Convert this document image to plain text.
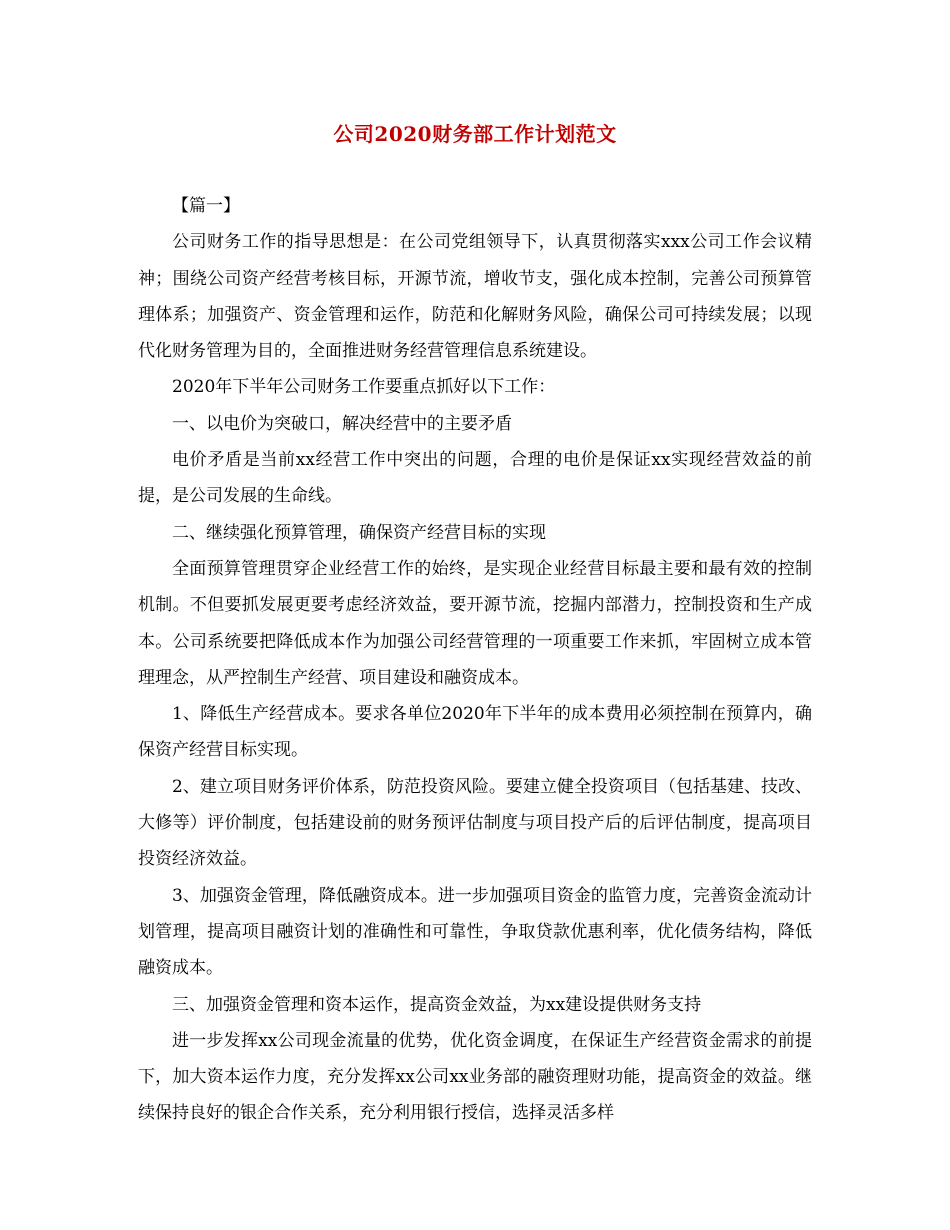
公司2020财务部工作计划范文

【篇一】

公司财务工作的指导思想是：在公司党组领导下，认真贯彻落实xxx公司工作会议精神；围绕公司资产经营考核目标，开源节流，增收节支，强化成本控制，完善公司预算管理体系；加强资产、资金管理和运作，防范和化解财务风险，确保公司可持续发展；以现代化财务管理为目的，全面推进财务经营管理信息系统建设。

2020年下半年公司财务工作要重点抓好以下工作：

一、以电价为突破口，解决经营中的主要矛盾

电价矛盾是当前xx经营工作中突出的问题，合理的电价是保证xx实现经营效益的前提，是公司发展的生命线。

二、继续强化预算管理，确保资产经营目标的实现

全面预算管理贯穿企业经营工作的始终，是实现企业经营目标最主要和最有效的控制机制。不但要抓发展更要考虑经济效益，要开源节流，挖掘内部潜力，控制投资和生产成本。公司系统要把降低成本作为加强公司经营管理的一项重要工作来抓，牢固树立成本管理理念，从严控制生产经营、项目建设和融资成本。

1、降低生产经营成本。要求各单位2020年下半年的成本费用必须控制在预算内，确保资产经营目标实现。

2、建立项目财务评价体系，防范投资风险。要建立健全投资项目（包括基建、技改、大修等）评价制度，包括建设前的财务预评估制度与项目投产后的后评估制度，提高项目投资经济效益。

3、加强资金管理，降低融资成本。进一步加强项目资金的监管力度，完善资金流动计划管理，提高项目融资计划的准确性和可靠性，争取贷款优惠利率，优化债务结构，降低融资成本。

三、加强资金管理和资本运作，提高资金效益，为xx建设提供财务支持

进一步发挥xx公司现金流量的优势，优化资金调度，在保证生产经营资金需求的前提下，加大资本运作力度，充分发挥xx公司xx业务部的融资理财功能，提高资金的效益。继续保持良好的银企合作关系，充分利用银行授信，选择灵活多样
